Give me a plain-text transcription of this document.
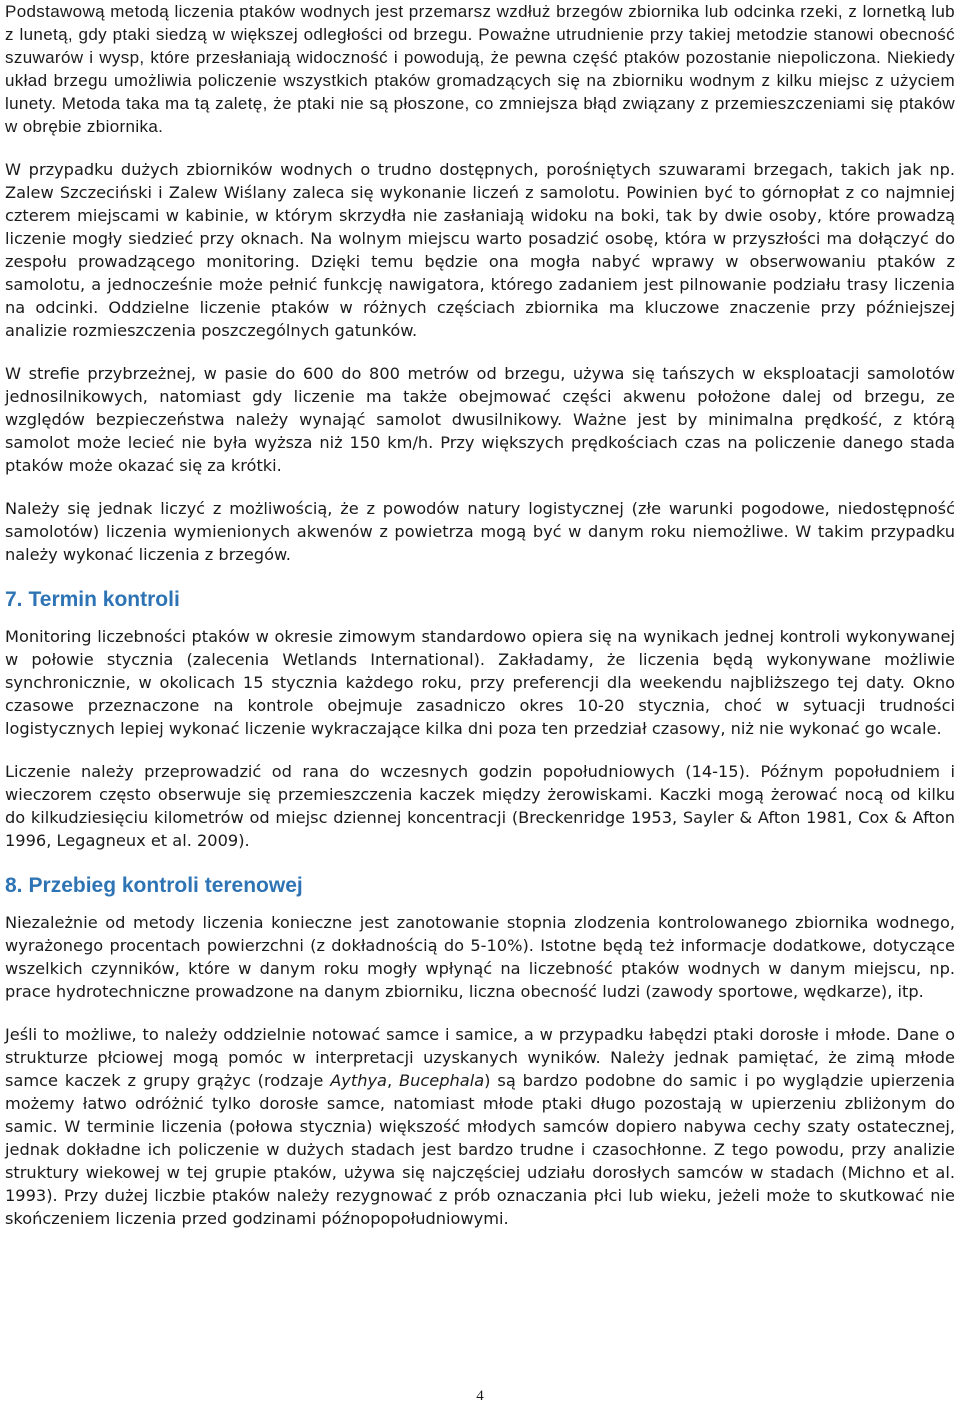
Podstawową metodą liczenia ptaków wodnych jest przemarsz wzdłuż brzegów zbiornika lub odcinka rzeki, z lornetką lub z lunetą, gdy ptaki siedzą w większej odległości od brzegu. Poważne utrudnienie przy takiej metodzie stanowi obecność szuwarów i wysp, które przesłaniają widoczność i powodują, że pewna część ptaków pozostanie niepoliczona. Niekiedy układ brzegu umożliwia policzenie wszystkich ptaków gromadzących się na zbiorniku wodnym z kilku miejsc z użyciem lunety. Metoda taka ma tą zaletę, że ptaki nie są płoszone, co zmniejsza błąd związany z przemieszczeniami się ptaków w obrębie zbiornika.

W przypadku dużych zbiorników wodnych o trudno dostępnych, porośniętych szuwarami brzegach, takich jak np. Zalew Szczeciński i Zalew Wiślany zaleca się wykonanie liczeń z samolotu. Powinien być to górnopłat z co najmniej czterem miejscami w kabinie, w którym skrzydła nie zasłaniają widoku na boki, tak by dwie osoby, które prowadzą liczenie mogły siedzieć przy oknach. Na wolnym miejscu warto posadzić osobę, która w przyszłości ma dołączyć do zespołu prowadzącego monitoring. Dzięki temu będzie ona mogła nabyć wprawy w obserwowaniu ptaków z samolotu, a jednocześnie może pełnić funkcję nawigatora, którego zadaniem jest pilnowanie podziału trasy liczenia na odcinki. Oddzielne liczenie ptaków w różnych częściach zbiornika ma kluczowe znaczenie przy późniejszej analizie rozmieszczenia poszczególnych gatunków.

W strefie przybrzeżnej, w pasie do 600 do 800 metrów od brzegu, używa się tańszych w eksploatacji samolotów jednosilnikowych, natomiast gdy liczenie ma także obejmować części akwenu położone dalej od brzegu, ze względów bezpieczeństwa należy wynająć samolot dwusilnikowy. Ważne jest by minimalna prędkość, z którą samolot może lecieć nie była wyższa niż 150 km/h. Przy większych prędkościach czas na policzenie danego stada ptaków może okazać się za krótki.

Należy się jednak liczyć z możliwością, że z powodów natury logistycznej (złe warunki pogodowe, niedostępność samolotów) liczenia wymienionych akwenów z powietrza mogą być w danym roku niemożliwe. W takim przypadku należy wykonać liczenia z brzegów.

7. Termin kontroli

Monitoring liczebności ptaków w okresie zimowym standardowo opiera się na wynikach jednej kontroli wykonywanej w połowie stycznia (zalecenia Wetlands International). Zakładamy, że liczenia będą wykonywane możliwie synchronicznie, w okolicach 15 stycznia każdego roku, przy preferencji dla weekendu najbliższego tej daty. Okno czasowe przeznaczone na kontrole obejmuje zasadniczo okres 10-20 stycznia, choć w sytuacji trudności logistycznych lepiej wykonać liczenie wykraczające kilka dni poza ten przedział czasowy, niż nie wykonać go wcale.

Liczenie należy przeprowadzić od rana do wczesnych godzin popołudniowych (14-15). Późnym popołudniem i wieczorem często obserwuje się przemieszczenia kaczek między żerowiskami. Kaczki mogą żerować nocą od kilku do kilkudziesięciu kilometrów od miejsc dziennej koncentracji (Breckenridge 1953, Sayler & Afton 1981, Cox & Afton 1996, Legagneux et al. 2009).

8. Przebieg kontroli terenowej

Niezależnie od metody liczenia konieczne jest zanotowanie stopnia zlodzenia kontrolowanego zbiornika wodnego, wyrażonego procentach powierzchni (z dokładnością do 5-10%). Istotne będą też informacje dodatkowe, dotyczące wszelkich czynników, które w danym roku mogły wpłynąć na liczebność ptaków wodnych w danym miejscu, np. prace hydrotechniczne prowadzone na danym zbiorniku, liczna obecność ludzi (zawody sportowe, wędkarze), itp.

Jeśli to możliwe, to należy oddzielnie notować samce i samice, a w przypadku łabędzi ptaki dorosłe i młode. Dane o strukturze płciowej mogą pomóc w interpretacji uzyskanych wyników. Należy jednak pamiętać, że zimą młode samce kaczek z grupy grążyc (rodzaje Aythya, Bucephala) są bardzo podobne do samic i po wyglądzie upierzenia możemy łatwo odróżnić tylko dorosłe samce, natomiast młode ptaki długo pozostają w upierzeniu zbliżonym do samic. W terminie liczenia (połowa stycznia) większość młodych samców dopiero nabywa cechy szaty ostatecznej, jednak dokładne ich policzenie w dużych stadach jest bardzo trudne i czasochłonne. Z tego powodu, przy analizie struktury wiekowej w tej grupie ptaków, używa się najczęściej udziału dorosłych samców w stadach (Michno et al. 1993). Przy dużej liczbie ptaków należy rezygnować z prób oznaczania płci lub wieku, jeżeli może to skutkować nie skończeniem liczenia przed godzinami późnopopołudniowymi.

4
